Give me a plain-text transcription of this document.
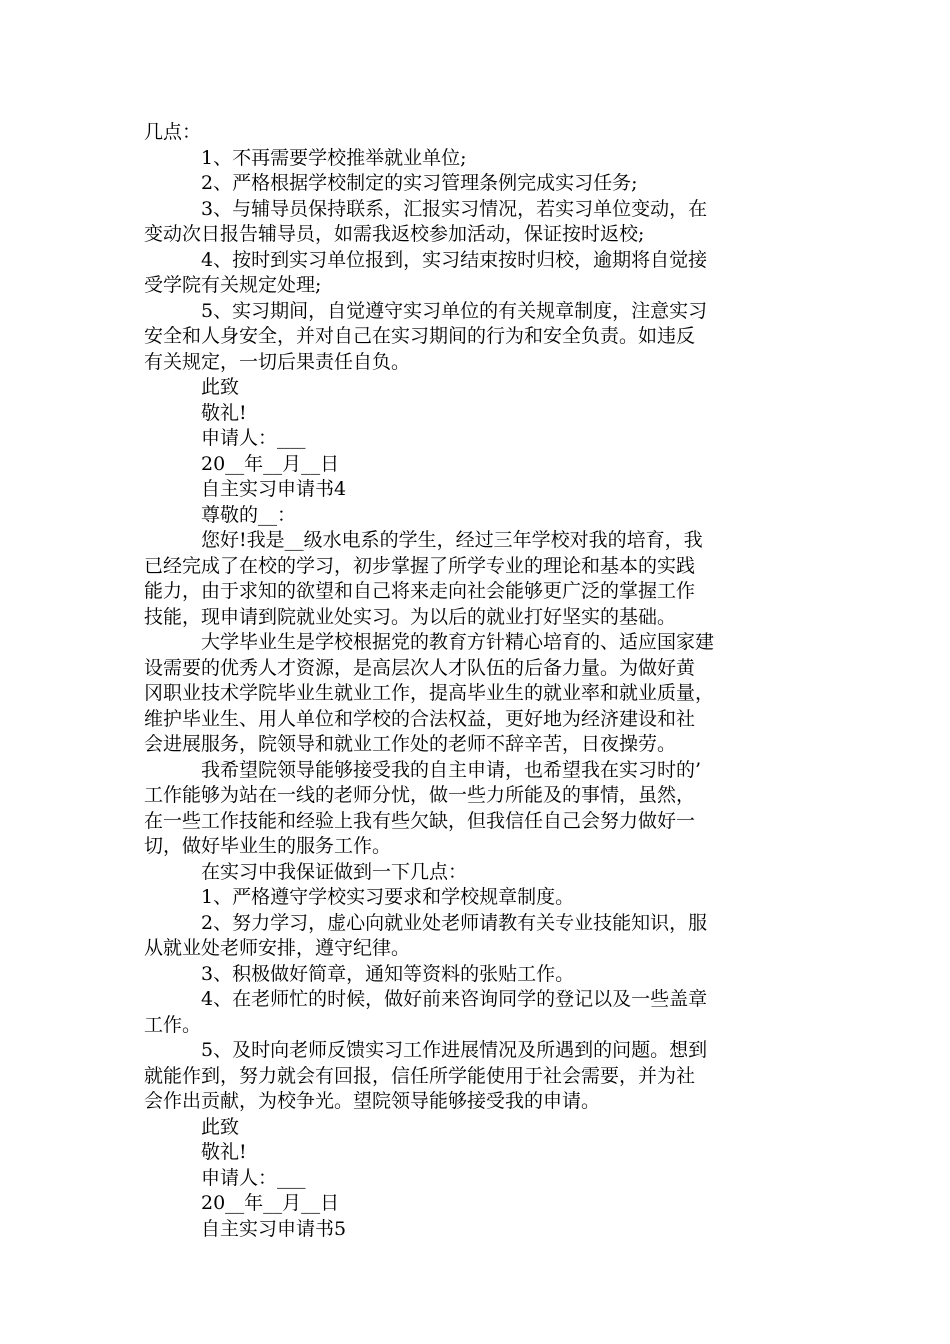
几点：
1、不再需要学校推举就业单位;
2、严格根据学校制定的实习管理条例完成实习任务;
3、与辅导员保持联系，汇报实习情况，若实习单位变动，在
变动次日报告辅导员，如需我返校参加活动，保证按时返校;
4、按时到实习单位报到，实习结束按时归校，逾期将自觉接
受学院有关规定处理;
5、实习期间，自觉遵守实习单位的有关规章制度，注意实习
安全和人身安全，并对自己在实习期间的行为和安全负责。如违反
有关规定，一切后果责任自负。
此致
敬礼!
申请人：___
20__年__月__日
自主实习申请书4
尊敬的__：
您好!我是__级水电系的学生，经过三年学校对我的培育，我
已经完成了在校的学习，初步掌握了所学专业的理论和基本的实践
能力，由于求知的欲望和自己将来走向社会能够更广泛的掌握工作
技能，现申请到院就业处实习。为以后的就业打好坚实的基础。
大学毕业生是学校根据党的教育方针精心培育的、适应国家建
设需要的优秀人才资源，是高层次人才队伍的后备力量。为做好黄
冈职业技术学院毕业生就业工作，提高毕业生的就业率和就业质量，
维护毕业生、用人单位和学校的合法权益，更好地为经济建设和社
会进展服务，院领导和就业工作处的老师不辞辛苦，日夜操劳。
我希望院领导能够接受我的自主申请，也希望我在实习时的’
工作能够为站在一线的老师分忧，做一些力所能及的事情，虽然，
在一些工作技能和经验上我有些欠缺，但我信任自己会努力做好一
切，做好毕业生的服务工作。
在实习中我保证做到一下几点：
1、严格遵守学校实习要求和学校规章制度。
2、努力学习，虚心向就业处老师请教有关专业技能知识，服
从就业处老师安排，遵守纪律。
3、积极做好简章，通知等资料的张贴工作。
4、在老师忙的时候，做好前来咨询同学的登记以及一些盖章
工作。
5、及时向老师反馈实习工作进展情况及所遇到的问题。想到
就能作到，努力就会有回报，信任所学能使用于社会需要，并为社
会作出贡献，为校争光。望院领导能够接受我的申请。
此致
敬礼!
申请人：___
20__年__月__日
自主实习申请书5
